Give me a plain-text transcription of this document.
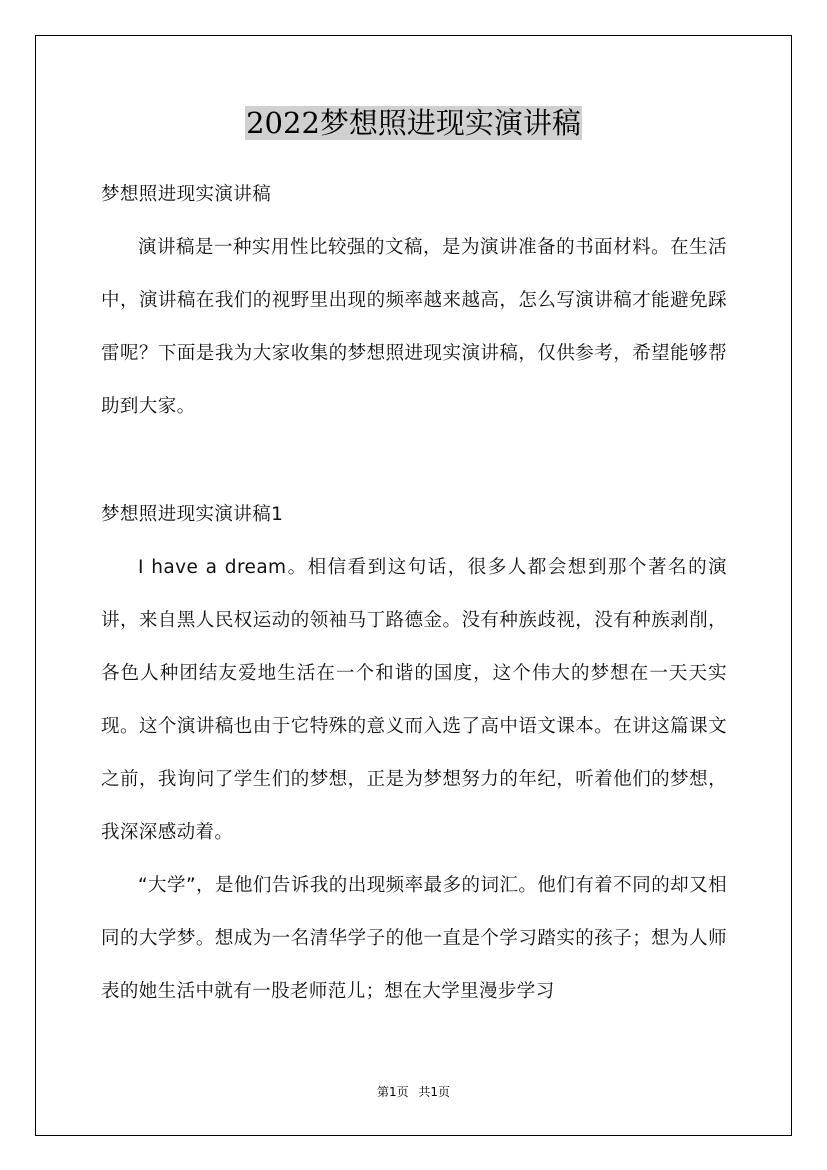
2022梦想照进现实演讲稿

梦想照进现实演讲稿

演讲稿是一种实用性比较强的文稿，是为演讲准备的书面材料。在生活中，演讲稿在我们的视野里出现的频率越来越高，怎么写演讲稿才能避免踩雷呢？下面是我为大家收集的梦想照进现实演讲稿，仅供参考，希望能够帮助到大家。

梦想照进现实演讲稿1

I have a dream。相信看到这句话，很多人都会想到那个著名的演讲，来自黑人民权运动的领袖马丁路德金。没有种族歧视，没有种族剥削，各色人种团结友爱地生活在一个和谐的国度，这个伟大的梦想在一天天实现。这个演讲稿也由于它特殊的意义而入选了高中语文课本。在讲这篇课文之前，我询问了学生们的梦想，正是为梦想努力的年纪，听着他们的梦想，我深深感动着。

“大学”，是他们告诉我的出现频率最多的词汇。他们有着不同的却又相同的大学梦。想成为一名清华学子的他一直是个学习踏实的孩子；想为人师表的她生活中就有一股老师范儿；想在大学里漫步学习

第1页 共1页
